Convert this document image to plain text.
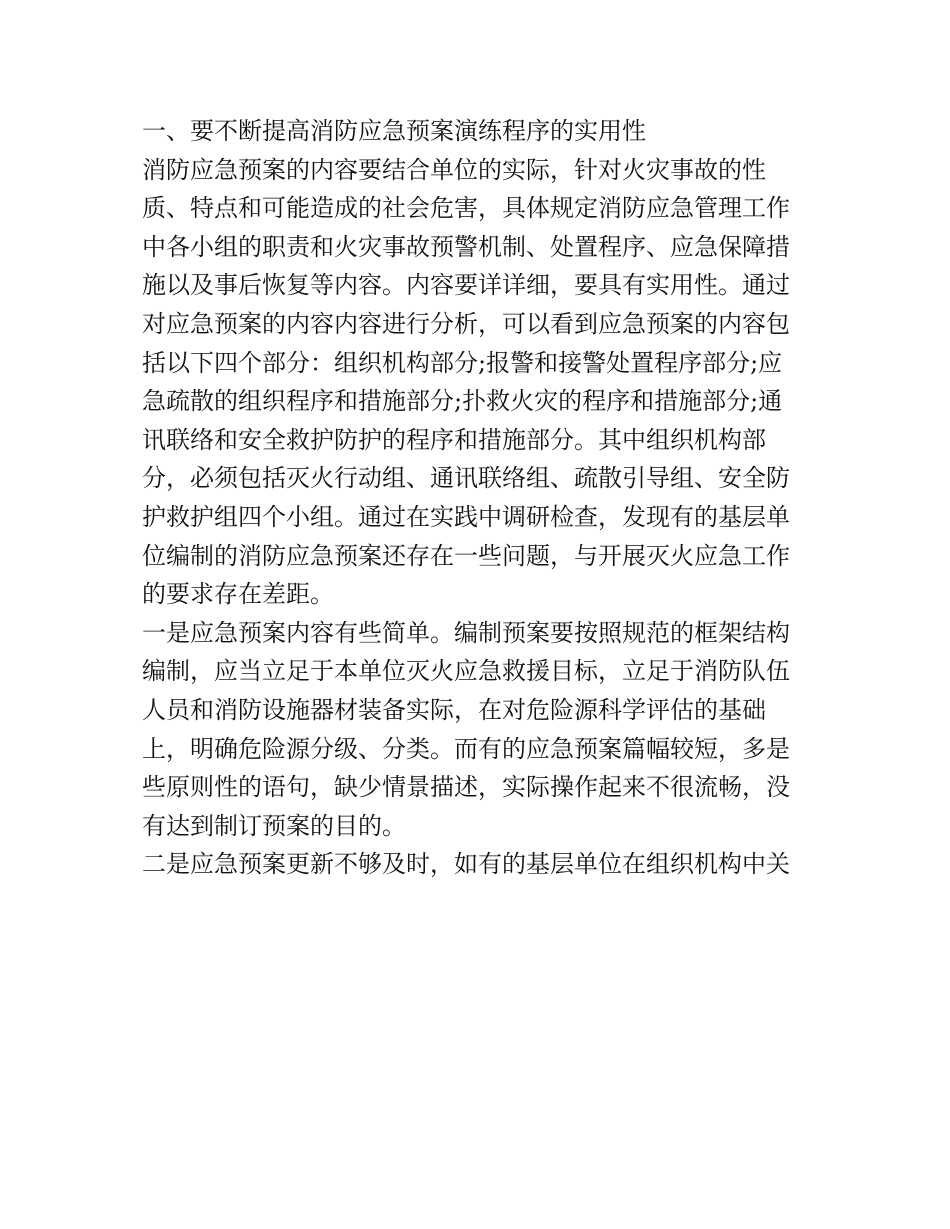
一、要不断提高消防应急预案演练程序的实用性
消防应急预案的内容要结合单位的实际，针对火灾事故的性
质、特点和可能造成的社会危害，具体规定消防应急管理工作
中各小组的职责和火灾事故预警机制、处置程序、应急保障措
施以及事后恢复等内容。内容要详详细，要具有实用性。通过
对应急预案的内容内容进行分析，可以看到应急预案的内容包
括以下四个部分：组织机构部分;报警和接警处置程序部分;应
急疏散的组织程序和措施部分;扑救火灾的程序和措施部分;通
讯联络和安全救护防护的程序和措施部分。其中组织机构部
分，必须包括灭火行动组、通讯联络组、疏散引导组、安全防
护救护组四个小组。通过在实践中调研检查，发现有的基层单
位编制的消防应急预案还存在一些问题，与开展灭火应急工作
的要求存在差距。
一是应急预案内容有些简单。编制预案要按照规范的框架结构
编制，应当立足于本单位灭火应急救援目标，立足于消防队伍
人员和消防设施器材装备实际，在对危险源科学评估的基础
上，明确危险源分级、分类。而有的应急预案篇幅较短，多是
些原则性的语句，缺少情景描述，实际操作起来不很流畅，没
有达到制订预案的目的。
二是应急预案更新不够及时，如有的基层单位在组织机构中关
